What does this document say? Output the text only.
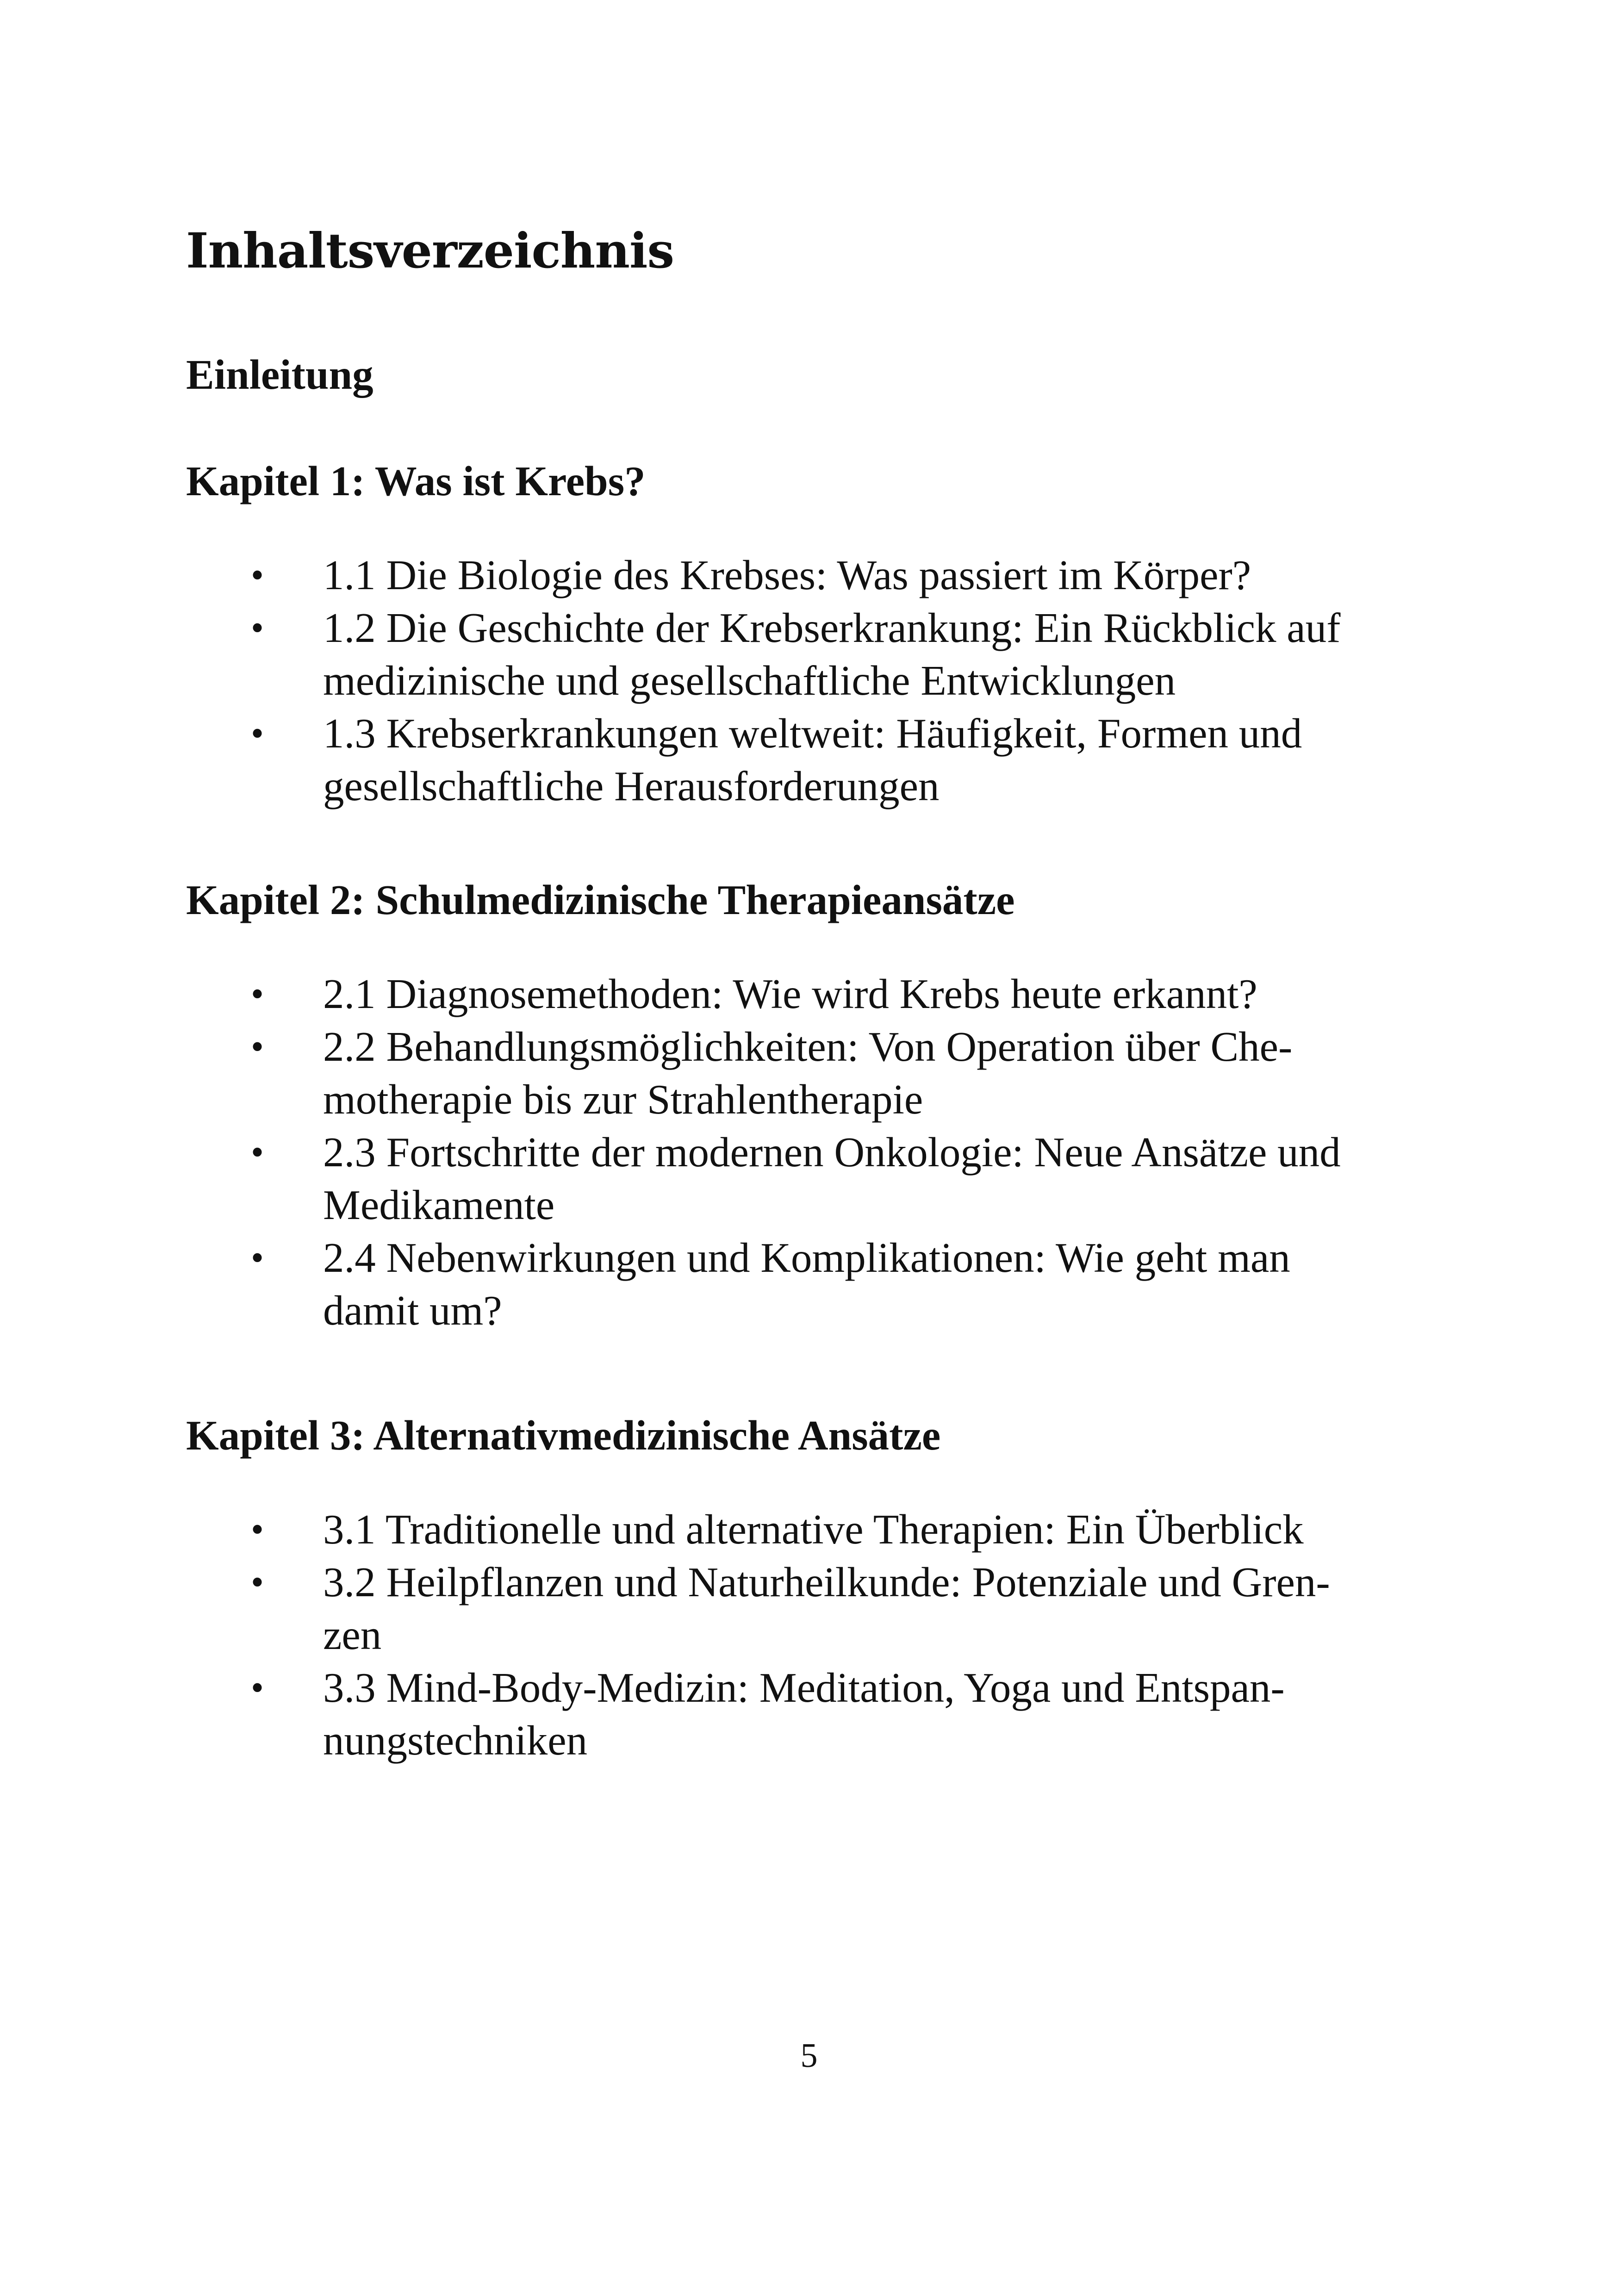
Inhaltsverzeichnis
Einleitung
Kapitel 1: Was ist Krebs?
• 1.1 Die Biologie des Krebses: Was passiert im Körper?
• 1.2 Die Geschichte der Krebserkrankung: Ein Rückblick auf
medizinische und gesellschaftliche Entwicklungen
• 1.3 Krebserkrankungen weltweit: Häufigkeit, Formen und
gesellschaftliche Herausforderungen
Kapitel 2: Schulmedizinische Therapieansätze
• 2.1 Diagnosemethoden: Wie wird Krebs heute erkannt?
• 2.2 Behandlungsmöglichkeiten: Von Operation über Che-
motherapie bis zur Strahlentherapie
• 2.3 Fortschritte der modernen Onkologie: Neue Ansätze und
Medikamente
• 2.4 Nebenwirkungen und Komplikationen: Wie geht man
damit um?
Kapitel 3: Alternativmedizinische Ansätze
• 3.1 Traditionelle und alternative Therapien: Ein Überblick
• 3.2 Heilpflanzen und Naturheilkunde: Potenziale und Gren-
zen
• 3.3 Mind-Body-Medizin: Meditation, Yoga und Entspan-
nungstechniken
5
